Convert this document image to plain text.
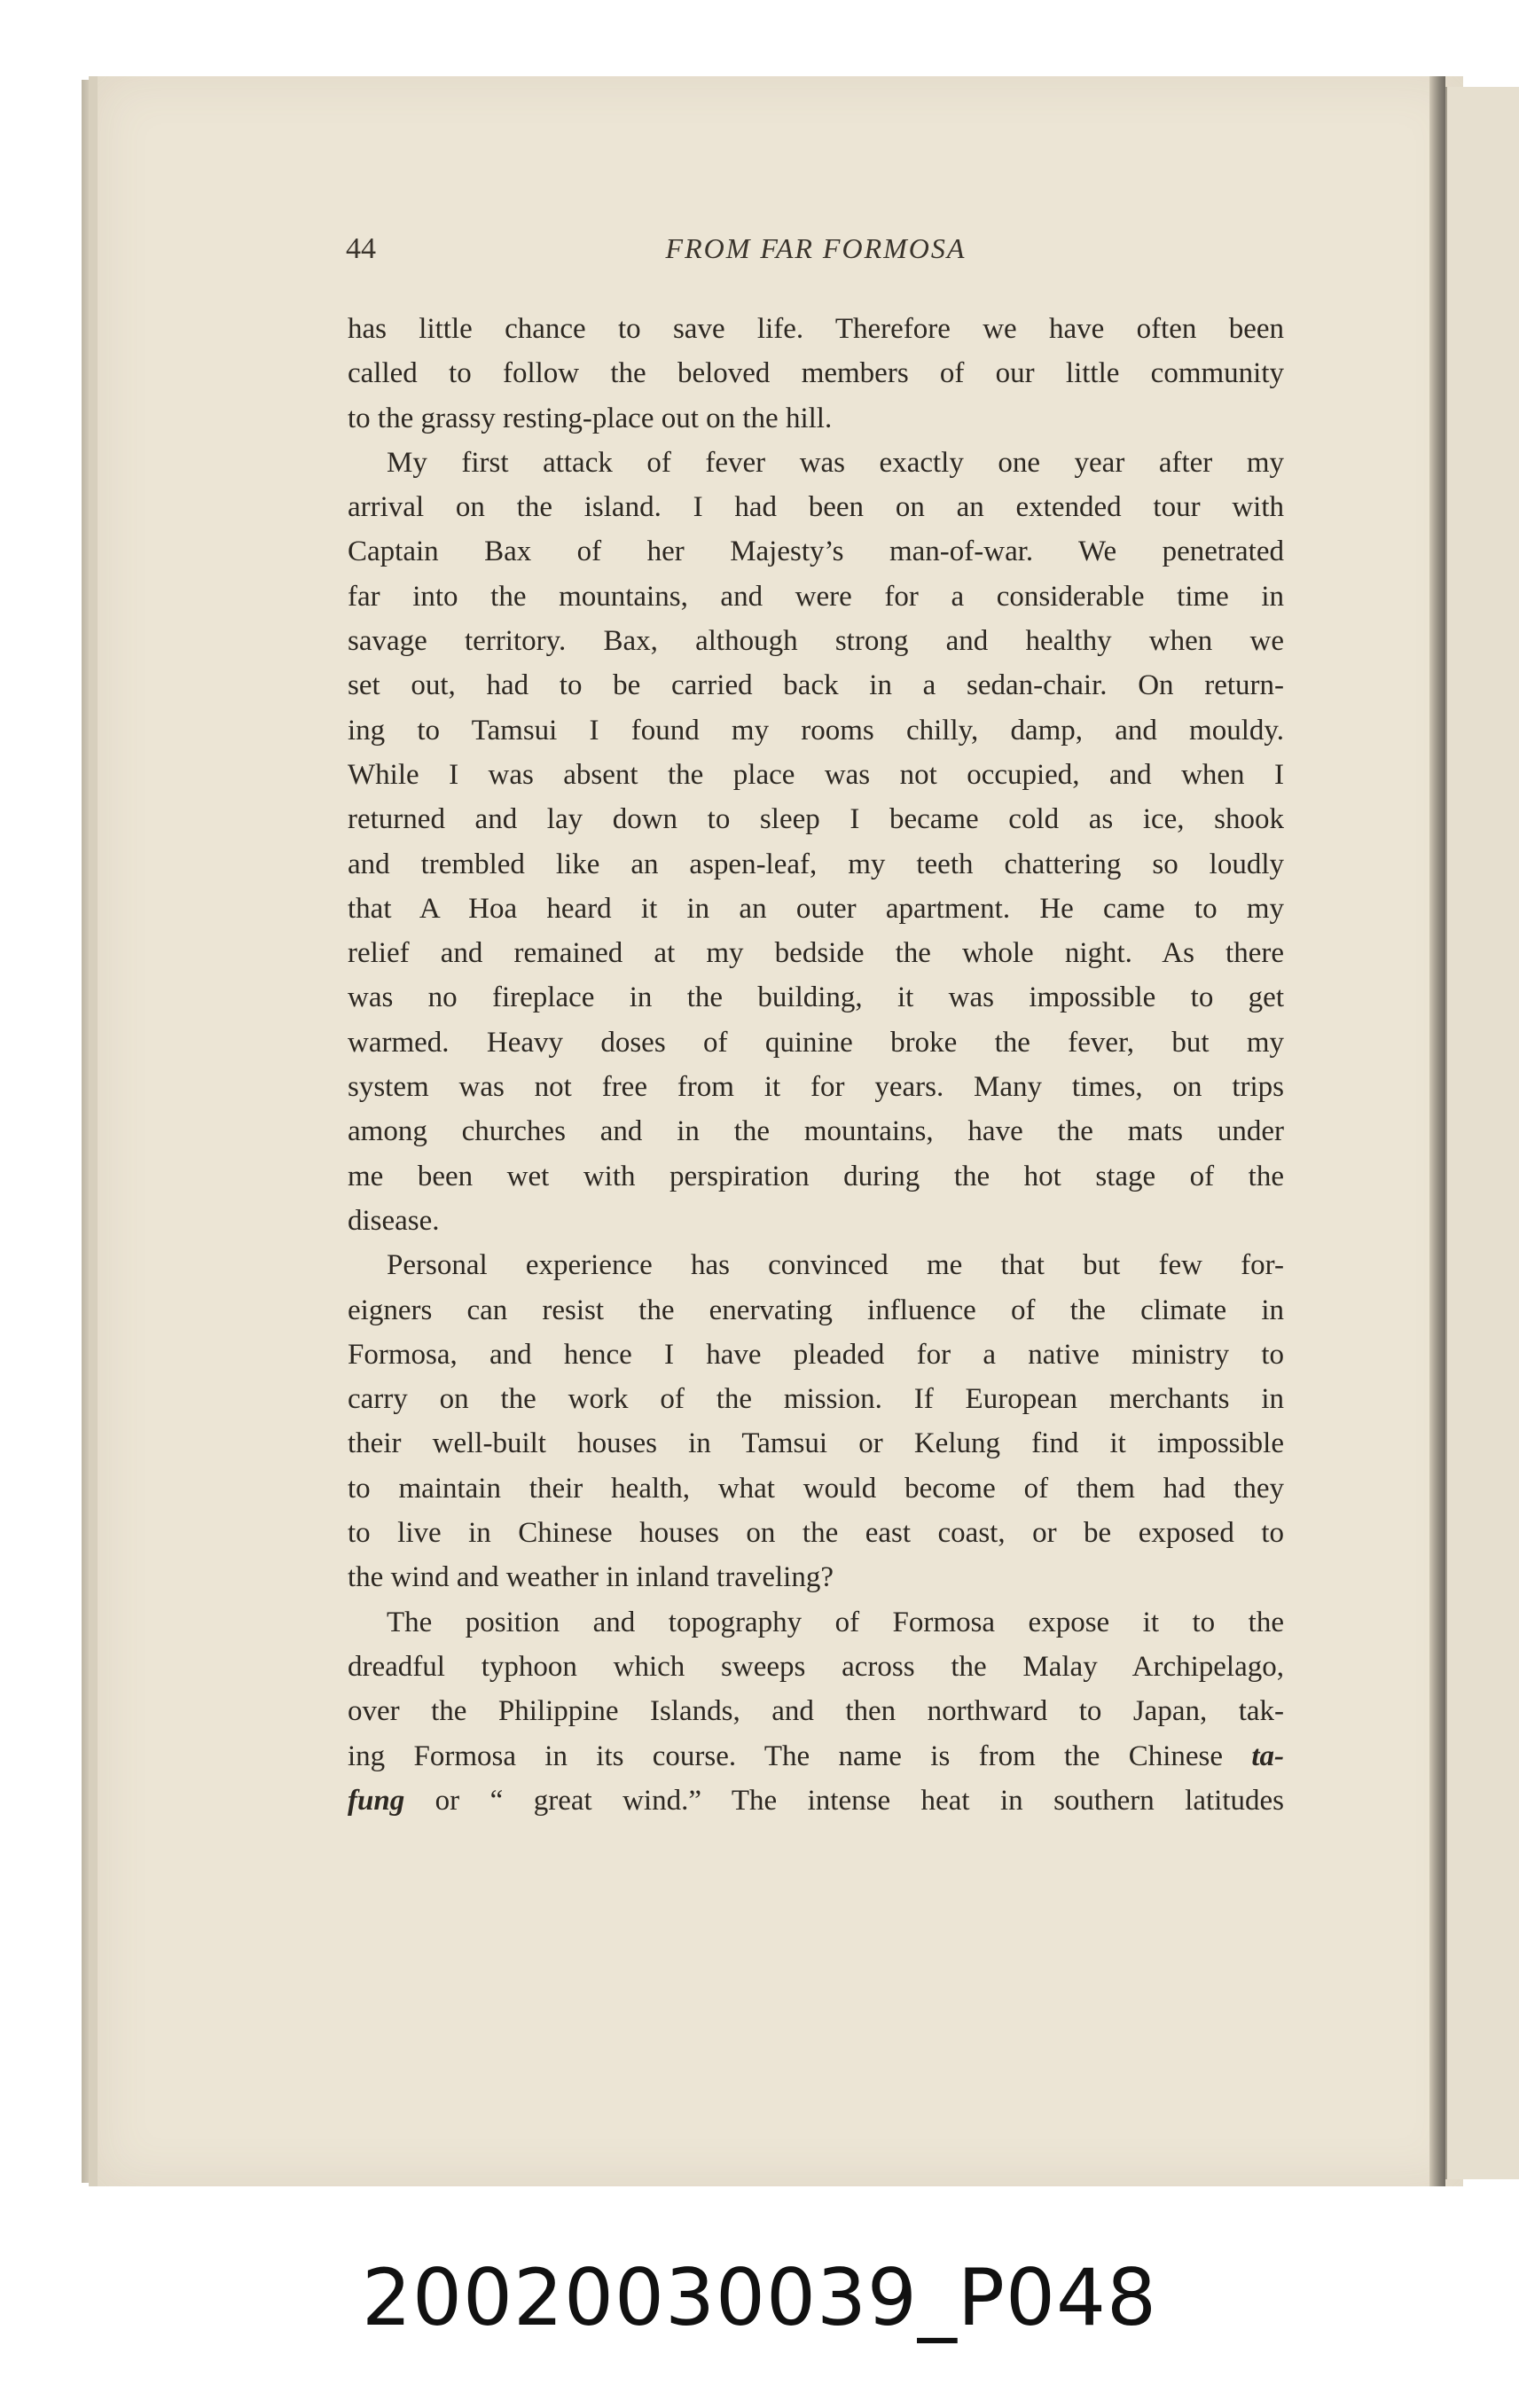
44	FROM FAR FORMOSA
has little chance to save life. Therefore we have often been
called to follow the beloved members of our little community
to the grassy resting-place out on the hill.
My first attack of fever was exactly one year after my
arrival on the island. I had been on an extended tour with
Captain Bax of her Majesty’s man-of-war. We penetrated
far into the mountains, and were for a considerable time in
savage territory. Bax, although strong and healthy when we
set out, had to be carried back in a sedan-chair. On return-
ing to Tamsui I found my rooms chilly, damp, and mouldy.
While I was absent the place was not occupied, and when I
returned and lay down to sleep I became cold as ice, shook
and trembled like an aspen-leaf, my teeth chattering so loudly
that A Hoa heard it in an outer apartment. He came to my
relief and remained at my bedside the whole night. As there
was no fireplace in the building, it was impossible to get
warmed. Heavy doses of quinine broke the fever, but my
system was not free from it for years. Many times, on trips
among churches and in the mountains, have the mats under
me been wet with perspiration during the hot stage of the
disease.
Personal experience has convinced me that but few for-
eigners can resist the enervating influence of the climate in
Formosa, and hence I have pleaded for a native ministry to
carry on the work of the mission. If European merchants in
their well-built houses in Tamsui or Kelung find it impossible
to maintain their health, what would become of them had they
to live in Chinese houses on the east coast, or be exposed to
the wind and weather in inland traveling?
The position and topography of Formosa expose it to the
dreadful typhoon which sweeps across the Malay Archipelago,
over the Philippine Islands, and then northward to Japan, tak-
ing Formosa in its course. The name is from the Chinese ta-
fung or “ great wind.” The intense heat in southern latitudes
20020030039_P048
